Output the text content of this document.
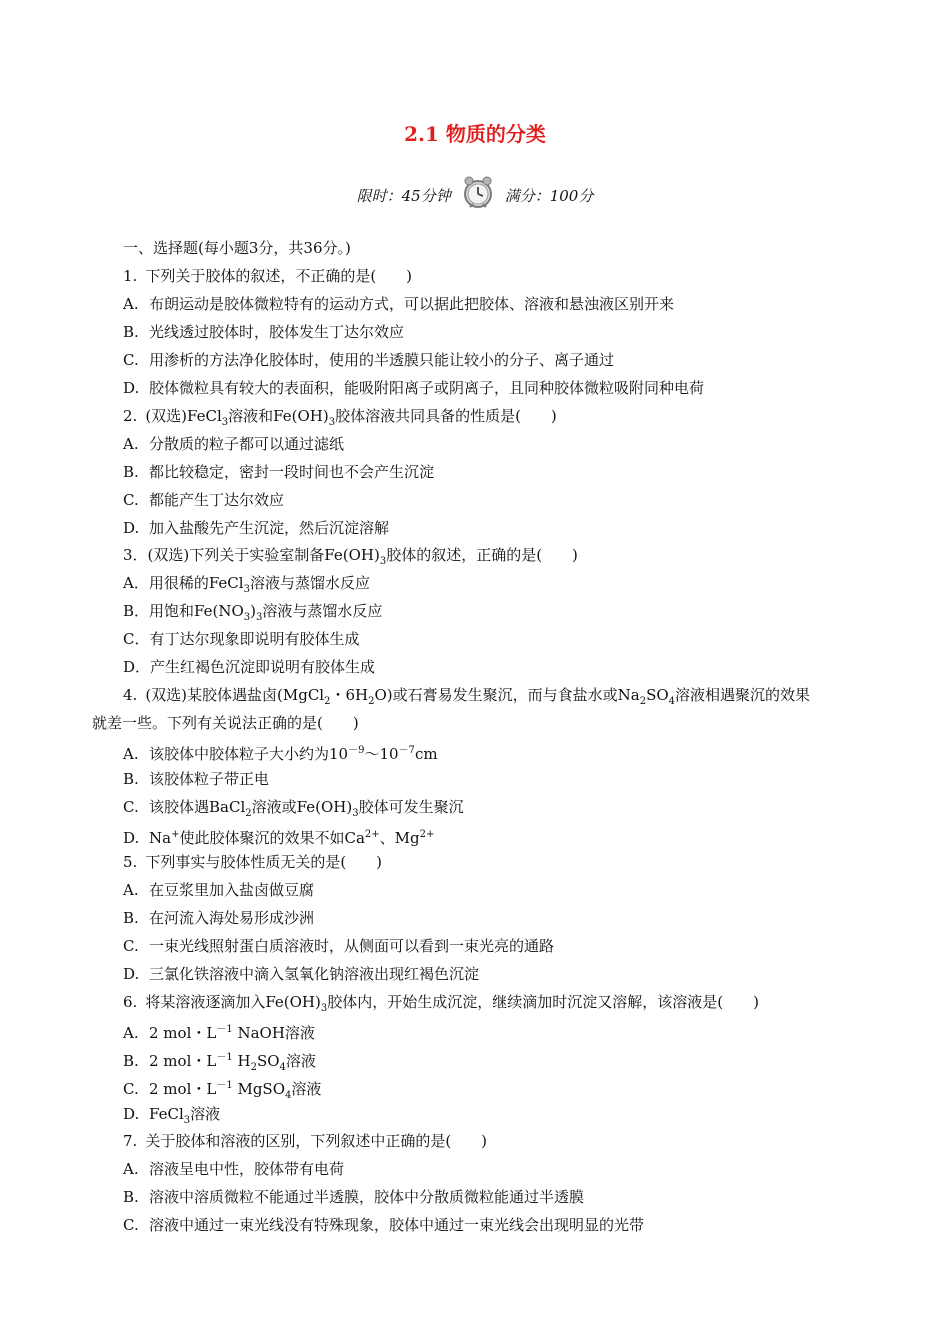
2.1 物质的分类
限时：45分钟	满分：100分
一、选择题(每小题3分，共36分。)
1. 下列关于胶体的叙述，不正确的是(　　)
A. 布朗运动是胶体微粒特有的运动方式，可以据此把胶体、溶液和悬浊液区别开来
B. 光线透过胶体时，胶体发生丁达尔效应
C. 用渗析的方法净化胶体时，使用的半透膜只能让较小的分子、离子通过
D. 胶体微粒具有较大的表面积，能吸附阳离子或阴离子，且同种胶体微粒吸附同种电荷
2. (双选)FeCl$_3$溶液和$Fe(OH)_3$胶体溶液共同具备的性质是(　　)
A. 分散质的粒子都可以通过滤纸
B. 都比较稳定，密封一段时间也不会产生沉淀
C. 都能产生丁达尔效应
D. 加入盐酸先产生沉淀，然后沉淀溶解
3．(双选)下列关于实验室制备$Fe(OH)_3$胶体的叙述，正确的是(　　)
A．用很稀的FeCl$_3$溶液与蒸馏水反应
B．用饱和$Fe(NO_3)_3$溶液与蒸馏水反应
C．有丁达尔现象即说明有胶体生成
D．产生红褐色沉淀即说明有胶体生成
4. (双选)某胶体遇盐卤(MgCl$_2$・$6H_2O$)或石膏易发生聚沉，而与食盐水或$Na_2SO_4$溶液相遇聚沉的效果
就差一些。下列有关说法正确的是(　　)
A. 该胶体中胶体粒子大小约为$10^{-9}\sim 10^{-7}cm$
B. 该胶体粒子带正电
C. 该胶体遇BaCl$_2$溶液或$Fe(OH)_3$胶体可发生聚沉
D. Na+使此胶体聚沉的效果不如$Ca^{2+}$、$Mg^{2+}$
5. 下列事实与胶体性质无关的是(　　)
A. 在豆浆里加入盐卤做豆腐
B. 在河流入海处易形成沙洲
C. 一束光线照射蛋白质溶液时，从侧面可以看到一束光亮的通路
D. 三氯化铁溶液中滴入氢氧化钠溶液出现红褐色沉淀
6. 将某溶液逐滴加入$Fe(OH)_3$胶体内，开始生成沉淀，继续滴加时沉淀又溶解，该溶液是(　　)
A. 2 mol・$L^{-1}$ NaOH溶液
B. 2 mol・$L^{-1}$ $H_2SO_4$溶液
C. 2 mol・$L^{-1}$ MgSO$_4$溶液
D. FeCl$_3$溶液
7. 关于胶体和溶液的区别，下列叙述中正确的是(　　)
A. 溶液呈电中性，胶体带有电荷
B. 溶液中溶质微粒不能通过半透膜，胶体中分散质微粒能通过半透膜
C. 溶液中通过一束光线没有特殊现象，胶体中通过一束光线会出现明显的光带
